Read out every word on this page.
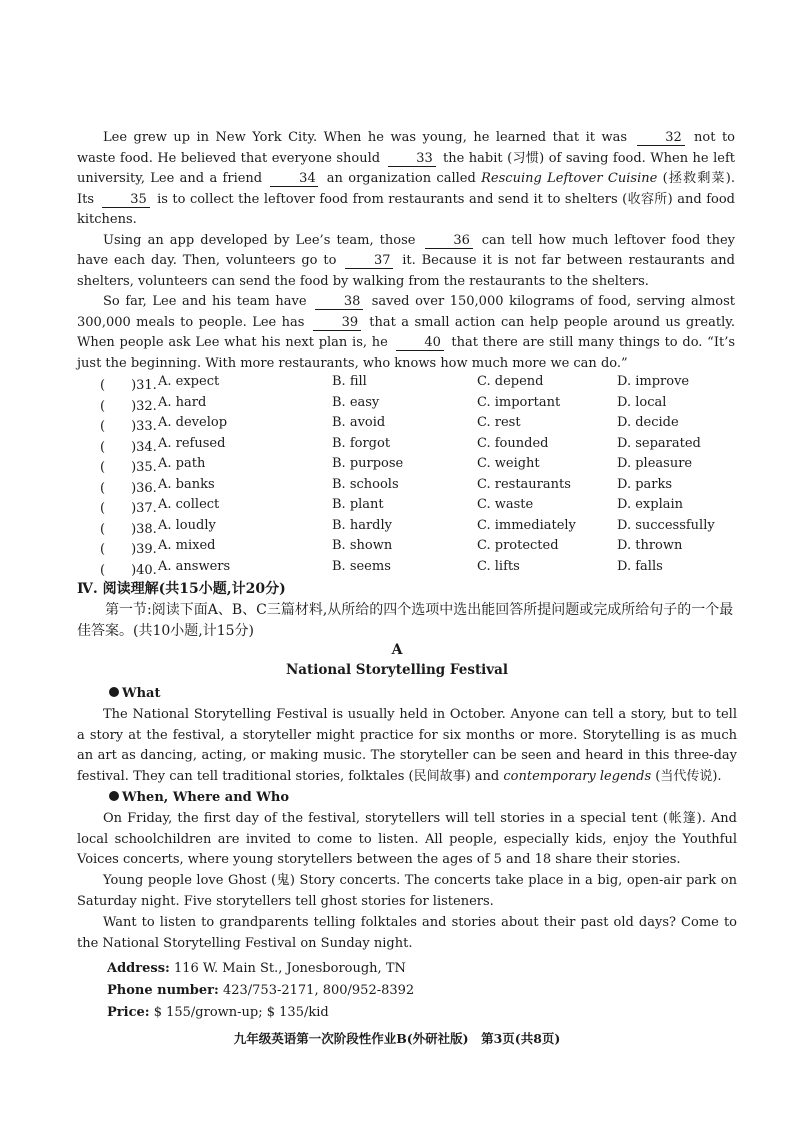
Lee grew up in New York City. When he was young, he learned that it was	32 not to waste food. He believed that everyone should	33 the habit (习惯) of saving food. When he left university, Lee and a friend	34 an organization called Rescuing Leftover Cuisine (拯救剩菜). Its	35 is to collect the leftover food from restaurants and send it to shelters (收容所) and food kitchens.

Using an app developed by Lee’s team, those	36 can tell how much leftover food they have each day. Then, volunteers go to	37 it. Because it is not far between restaurants and shelters, volunteers can send the food by walking from the restaurants to the shelters.

So far, Lee and his team have	38 saved over 150,000 kilograms of food, serving almost 300,000 meals to people. Lee has	39 that a small action can help people around us greatly. When people ask Lee what his next plan is, he	40 that there are still many things to do. “It’s just the beginning. With more restaurants, who knows how much more we can do.”

(　　)31. A. expect	B. fill	C. depend	D. improve
(　　)32. A. hard	B. easy	C. important	D. local
(　　)33. A. develop	B. avoid	C. rest	D. decide
(　　)34. A. refused	B. forgot	C. founded	D. separated
(　　)35. A. path	B. purpose	C. weight	D. pleasure
(　　)36. A. banks	B. schools	C. restaurants	D. parks
(　　)37. A. collect	B. plant	C. waste	D. explain
(　　)38. A. loudly	B. hardly	C. immediately	D. successfully
(　　)39. A. mixed	B. shown	C. protected	D. thrown
(　　)40. A. answers	B. seems	C. lifts	D. falls
Ⅳ. 阅读理解(共15小题,计20分)
第一节:阅读下面A、B、C三篇材料,从所给的四个选项中选出能回答所提问题或完成所给句子的一个最佳答案。(共10小题,计15分)
A
National Storytelling Festival

What

The National Storytelling Festival is usually held in October. Anyone can tell a story, but to tell a story at the festival, a storyteller might practice for six months or more. Storytelling is as much an art as dancing, acting, or making music. The storyteller can be seen and heard in this three-day festival. They can tell traditional stories, folktales (民间故事) and contemporary legends (当代传说).

When, Where and Who

On Friday, the first day of the festival, storytellers will tell stories in a special tent (帐篷). And local schoolchildren are invited to come to listen. All people, especially kids, enjoy the Youthful Voices concerts, where young storytellers between the ages of 5 and 18 share their stories.

Young people love Ghost (鬼) Story concerts. The concerts take place in a big, open-air park on Saturday night. Five storytellers tell ghost stories for listeners.

Want to listen to grandparents telling folktales and stories about their past old days? Come to the National Storytelling Festival on Sunday night.

Address: 116 W. Main St., Jonesborough, TN
Phone number: 423/753-2171, 800/952-8392
Price: $ 155/grown-up; $ 135/kid
九年级英语第一次阶段性作业B(外研社版)　第3页(共8页)
